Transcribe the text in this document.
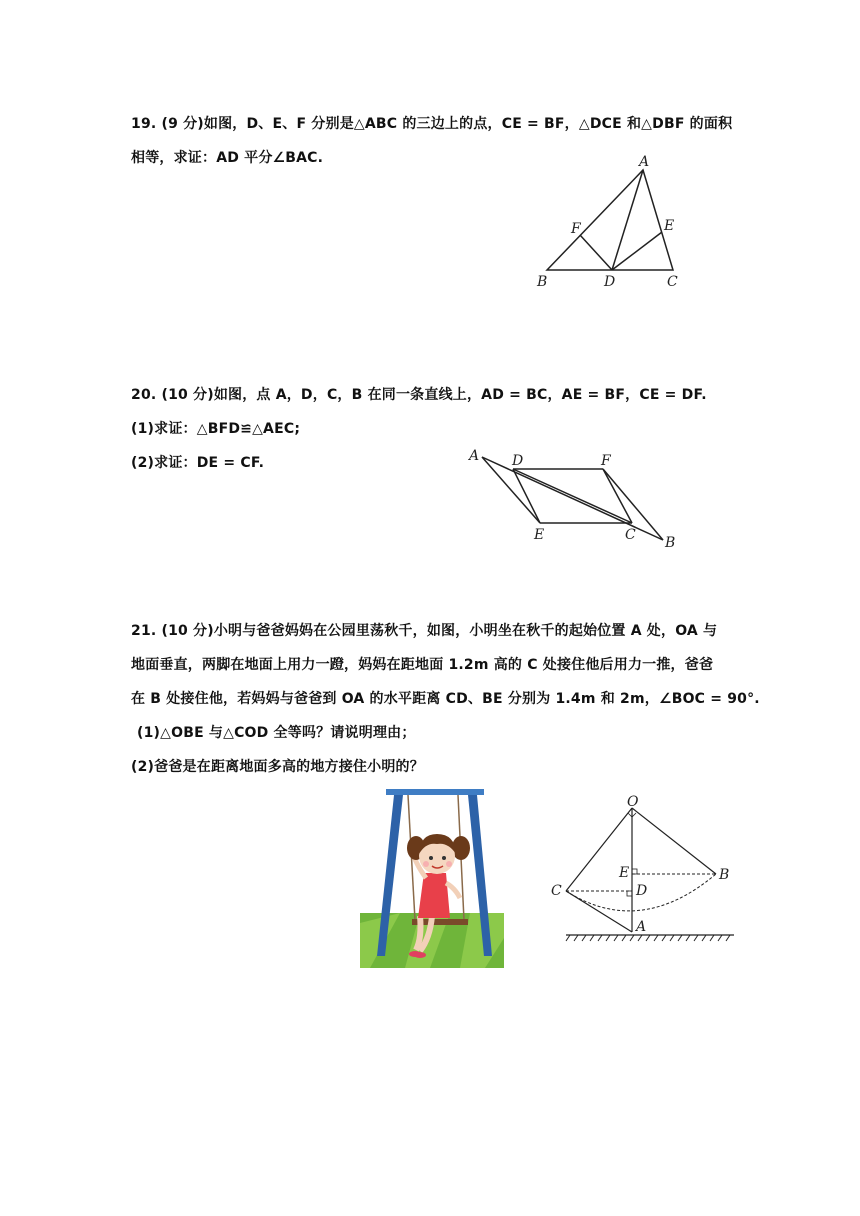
19. (9 分)如图，D、E、F 分别是△ABC 的三边上的点，CE = BF，△DCE 和△DBF 的面积
相等，求证：AD 平分∠BAC.	A
B	C
D
E
F
20. (10 分)如图，点 A，D，C，B 在同一条直线上，AD = BC，AE = BF，CE = DF.
(1)求证：△BFD≌△AEC;
(2)求证：DE = CF.	A D	F
E	C B
21. (10 分)小明与爸爸妈妈在公园里荡秋千，如图，小明坐在秋千的起始位置 A 处，OA 与
地面垂直，两脚在地面上用力一蹬，妈妈在距地面 1.2m 高的 C 处接住他后用力一推，爸爸
在 B 处接住他，若妈妈与爸爸到 OA 的水平距离 CD、BE 分别为 1.4m 和 2m，∠BOC = 90°.
(1)△OBE 与△COD 全等吗？请说明理由；
(2)爸爸是在距离地面多高的地方接住小明的？
O
E
D
C
B
A
